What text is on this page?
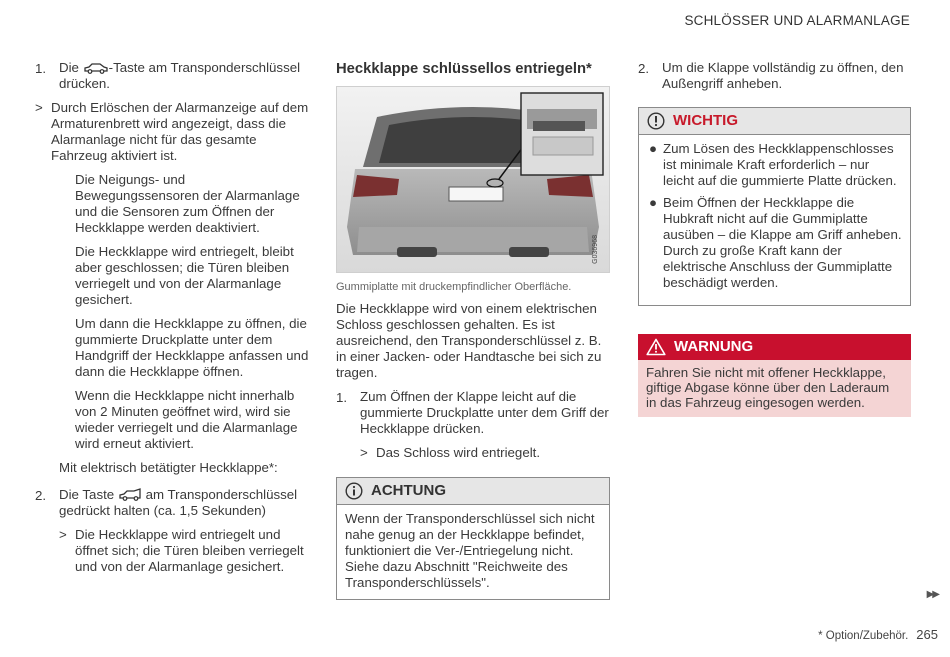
SCHLÖSSER UND ALARMANLAGE
1. Die -Taste am Transponderschlüssel drücken.

> Durch Erlöschen der Alarmanzeige auf dem Armaturenbrett wird angezeigt, dass die Alarmanlage nicht für das gesamte Fahrzeug aktiviert ist.

Die Neigungs- und Bewegungssensoren der Alarmanlage und die Sensoren zum Öffnen der Heckklappe werden deaktiviert.

Die Heckklappe wird entriegelt, bleibt aber geschlossen; die Türen bleiben verriegelt und von der Alarmanlage gesichert.

Um dann die Heckklappe zu öffnen, die gummierte Druckplatte unter dem Handgriff der Heckklappe anfassen und dann die Heckklappe öffnen.

Wenn die Heckklappe nicht innerhalb von 2 Minuten geöffnet wird, wird sie wieder verriegelt und die Alarmanlage wird erneut aktiviert.

Mit elektrisch betätigter Heckklappe*:

2. Die Taste am Transponderschlüssel gedrückt halten (ca. 1,5 Sekunden)

> Die Heckklappe wird entriegelt und öffnet sich; die Türen bleiben verriegelt und von der Alarmanlage gesichert.

Heckklappe schlüssellos entriegeln*
G036968

Gummiplatte mit druckempfindlicher Oberfläche.

Die Heckklappe wird von einem elektrischen Schloss geschlossen gehalten. Es ist ausreichend, den Transponderschlüssel z. B. in einer Jacken- oder Handtasche bei sich zu tragen.

1. Zum Öffnen der Klappe leicht auf die gummierte Druckplatte unter dem Griff der Heckklappe drücken.

> Das Schloss wird entriegelt.

ACHTUNG

Wenn der Transponderschlüssel sich nicht nahe genug an der Heckklappe befindet, funktioniert die Ver-/Entriegelung nicht. Siehe dazu Abschnitt "Reichweite des Transponderschlüssels".

2. Um die Klappe vollständig zu öffnen, den Außengriff anheben.

WICHTIG
● Zum Lösen des Heckklappenschlosses ist minimale Kraft erforderlich – nur leicht auf die gummierte Platte drücken.

● Beim Öffnen der Heckklappe die Hubkraft nicht auf die Gummiplatte ausüben – die Klappe am Griff anheben. Durch zu große Kraft kann der elektrische Anschluss der Gummiplatte beschädigt werden.

WARNUNG

Fahren Sie nicht mit offener Heckklappe, giftige Abgase könne über den Laderaum in das Fahrzeug eingesogen werden.

▶▶
* Option/Zubehör. 265
